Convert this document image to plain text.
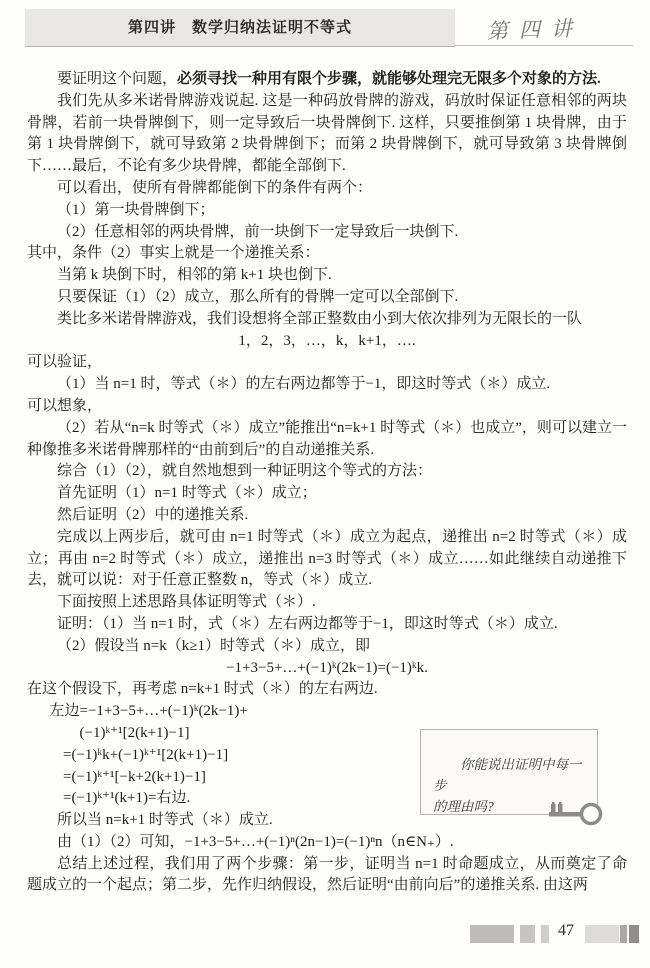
第四讲　数学归纳法证明不等式	第四讲

要证明这个问题，必须寻找一种用有限个步骤，就能够处理完无限多个对象的方法.

我们先从多米诺骨牌游戏说起. 这是一种码放骨牌的游戏，码放时保证任意相邻的两块骨牌，若前一块骨牌倒下，则一定导致后一块骨牌倒下. 这样，只要推倒第 1 块骨牌，由于第 1 块骨牌倒下，就可导致第 2 块骨牌倒下；而第 2 块骨牌倒下，就可导致第 3 块骨牌倒下……最后，不论有多少块骨牌，都能全部倒下.

可以看出，使所有骨牌都能倒下的条件有两个：

（1）第一块骨牌倒下；

（2）任意相邻的两块骨牌，前一块倒下一定导致后一块倒下.

其中，条件（2）事实上就是一个递推关系：

当第 k 块倒下时，相邻的第 k+1 块也倒下.

只要保证（1）（2）成立，那么所有的骨牌一定可以全部倒下.

类比多米诺骨牌游戏，我们设想将全部正整数由小到大依次排列为无限长的一队

1，2，3，…，k，k+1，….

可以验证，

（1）当 n=1 时，等式（＊）的左右两边都等于−1，即这时等式（＊）成立.

可以想象，

（2）若从“n=k 时等式（＊）成立”能推出“n=k+1 时等式（＊）也成立”，则可以建立一种像推多米诺骨牌那样的“由前到后”的自动递推关系.

综合（1）（2），就自然地想到一种证明这个等式的方法：

首先证明（1）n=1 时等式（＊）成立；

然后证明（2）中的递推关系.

完成以上两步后，就可由 n=1 时等式（＊）成立为起点，递推出 n=2 时等式（＊）成立；再由 n=2 时等式（＊）成立，递推出 n=3 时等式（＊）成立……如此继续自动递推下去，就可以说：对于任意正整数 n，等式（＊）成立.

下面按照上述思路具体证明等式（＊）.

证明：（1）当 n=1 时，式（＊）左右两边都等于−1，即这时等式（＊）成立.

（2）假设当 n=k（k≥1）时等式（＊）成立，即

−1+3−5+…+(−1)ᵏ(2k−1)=(−1)ᵏk.

在这个假设下，再考虑 n=k+1 时式（＊）的左右两边.

左边=−1+3−5+…+(−1)ᵏ(2k−1)+

(−1)ᵏ⁺¹[2(k+1)−1]

=(−1)ᵏk+(−1)ᵏ⁺¹[2(k+1)−1]

=(−1)ᵏ⁺¹[−k+2(k+1)−1]

=(−1)ᵏ⁺¹(k+1)=右边.

所以当 n=k+1 时等式（＊）成立.

由（1）（2）可知，−1+3−5+…+(−1)ⁿ(2n−1)=(−1)ⁿn（n∈N₊）.

总结上述过程，我们用了两个步骤：第一步，证明当 n=1 时命题成立，从而奠定了命题成立的一个起点；第二步，先作归纳假设，然后证明“由前向后”的递推关系. 由这两

你能说出证明中每一步

的理由吗?

47
